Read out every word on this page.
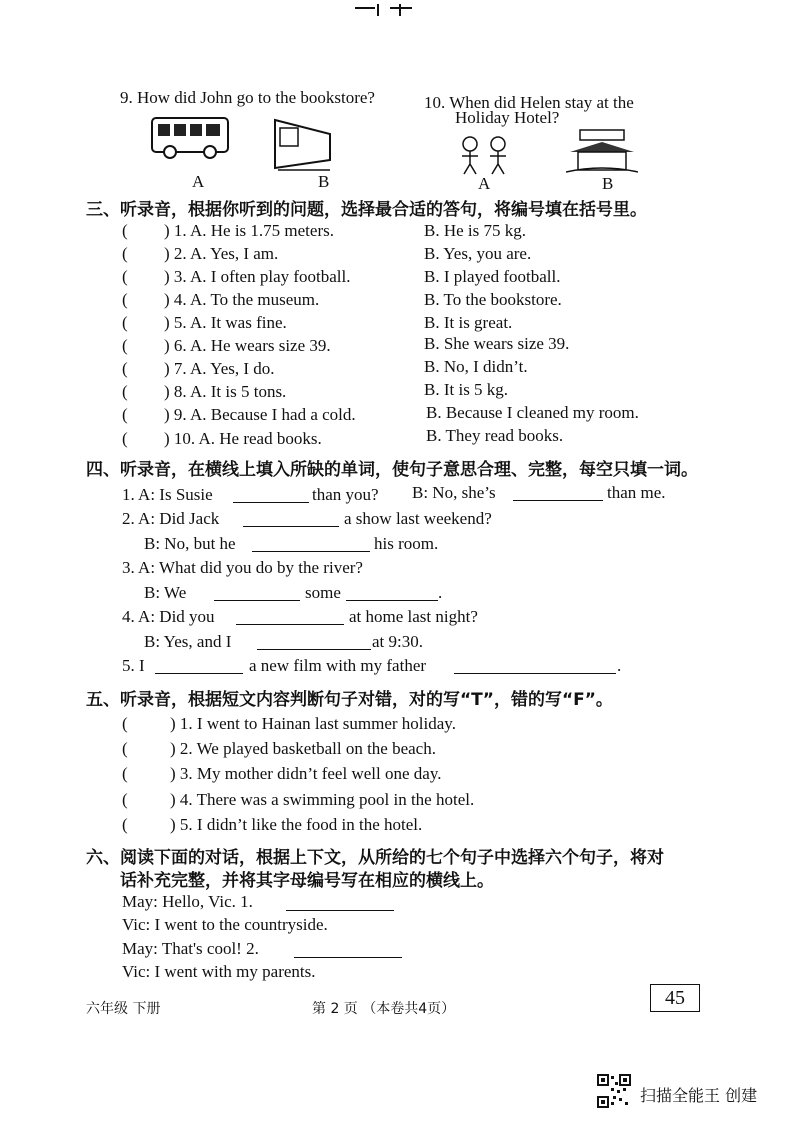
9. How did John go to the bookstore?	10. When did Helen stay at the
Holiday Hotel?
A	B	A	B
三、听录音，根据你听到的问题，选择最合适的答句，将编号填在括号里。
( ) 1. A. He is 1.75 meters.	B. He is 75 kg.
( ) 2. A. Yes, I am.	B. Yes, you are.
( ) 3. A. I often play football.	B. I played football.
( ) 4. A. To the museum.	B. To the bookstore.
( ) 5. A. It was fine.	B. It is great.
( ) 6. A. He wears size 39.	B. She wears size 39.
( ) 7. A. Yes, I do.	B. No, I didn’t.
( ) 8. A. It is 5 tons.	B. It is 5 kg.
( ) 9. A. Because I had a cold.	B. Because I cleaned my room.
( ) 10. A. He read books.	B. They read books.
四、听录音，在横线上填入所缺的单词，使句子意思合理、完整，每空只填一词。
1. A: Is Susie	than you? B: No, she’s	than me.
2. A: Did Jack	a show last weekend?
B: No, but he	his room.
3. A: What did you do by the river?
B: We	some	.
4. A: Did you	at home last night?
B: Yes, and I	at 9:30.
5. I	a new film with my father	.
五、听录音，根据短文内容判断句子对错，对的写“T”，错的写“F”。
( ) 1. I went to Hainan last summer holiday.
( ) 2. We played basketball on the beach.
( ) 3. My mother didn’t feel well one day.
( ) 4. There was a swimming pool in the hotel.
( ) 5. I didn’t like the food in the hotel.
六、阅读下面的对话，根据上下文，从所给的七个句子中选择六个句子，将对
话补充完整，并将其字母编号写在相应的横线上。
May: Hello, Vic. 1.
Vic: I went to the countryside.
May: That's cool! 2.
Vic: I went with my parents.
六年级 下册	第 2 页 （本卷共4页）	45
扫描全能王 创建
